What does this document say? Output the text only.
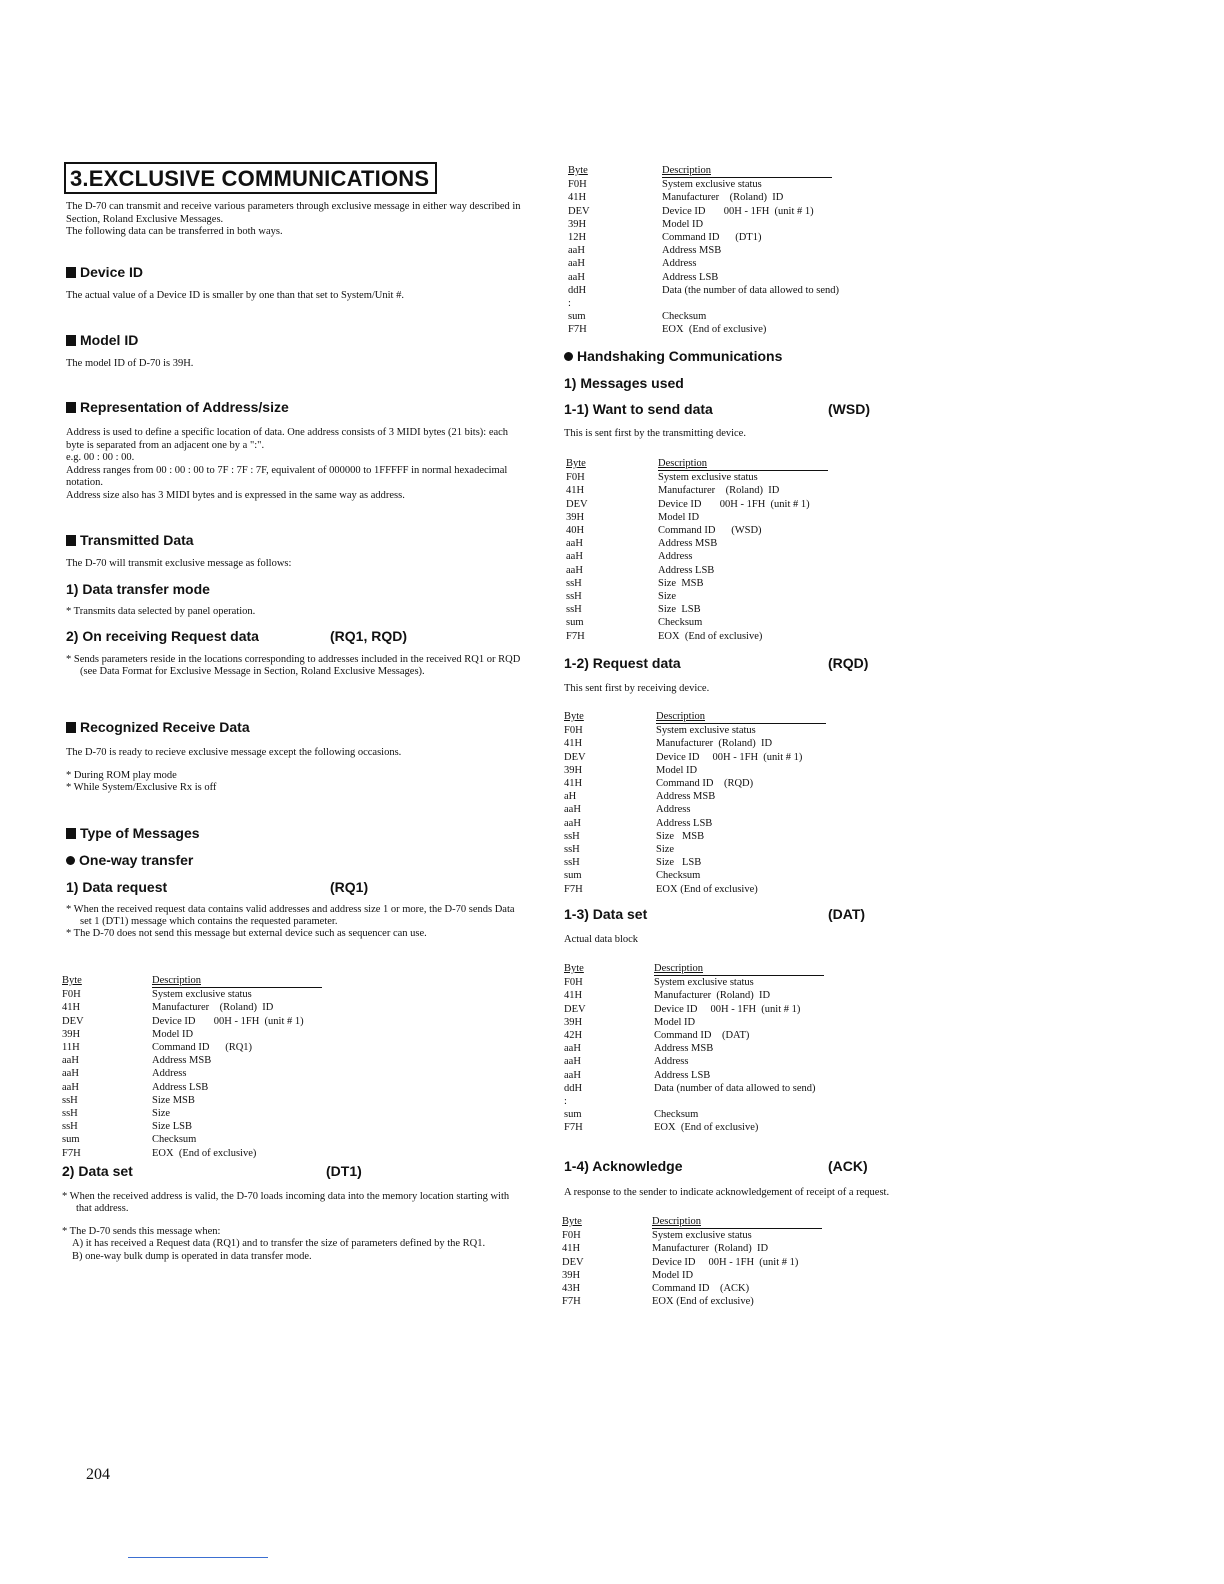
3.EXCLUSIVE COMMUNICATIONS

The D-70 can transmit and receive various parameters through exclusive message in either way described in Section, Roland Exclusive Messages.

The following data can be transferred in both ways.

Device ID

The actual value of a Device ID is smaller by one than that set to System/Unit #.

Model ID

The model ID of D-70 is 39H.

Representation of Address/size

Address is used to define a specific location of data. One address consists of 3 MIDI bytes (21 bits): each byte is separated from an adjacent one by a ":".

e.g. 00 : 00 : 00.

Address ranges from 00 : 00 : 00 to 7F : 7F : 7F, equivalent of 000000 to 1FFFFF in normal hexadecimal notation.

Address size also has 3 MIDI bytes and is expressed in the same way as address.

Transmitted Data

The D-70 will transmit exclusive message as follows:

1) Data transfer mode

* Transmits data selected by panel operation.

2) On receiving Request data	(RQ1, RQD)

* Sends parameters reside in the locations corresponding to addresses included in the received RQ1 or RQD (see Data Format for Exclusive Message in Section, Roland Exclusive Messages).

Recognized Receive Data

The D-70 is ready to recieve exclusive message except the following occasions.

* During ROM play mode

* While System/Exclusive Rx is off

Type of Messages

One-way transfer

1) Data request	(RQ1)

* When the received request data contains valid addresses and address size 1 or more, the D-70 sends Data set 1 (DT1) message which contains the requested parameter.

* The D-70 does not send this message but external device such as sequencer can use.

Byte	Description
F0H	System exclusive status
41H	Manufacturer    (Roland)  ID
DEV	Device ID       00H - 1FH  (unit # 1)
39H	Model ID
11H	Command ID      (RQ1)
aaH	Address MSB
aaH	Address
aaH	Address LSB
ssH	Size MSB
ssH	Size
ssH	Size LSB
sum	Checksum
F7H	EOX  (End of exclusive)

2) Data set	(DT1)

* When the received address is valid, the D-70 loads incoming data into the memory location starting with that address.

* The D-70 sends this message when:

A) it has received a Request data (RQ1) and to transfer the size of parameters defined by the RQ1.

B) one-way bulk dump is operated in data transfer mode.

Byte	Description
F0H	System exclusive status
41H	Manufacturer    (Roland)  ID
DEV	Device ID       00H - 1FH  (unit # 1)
39H	Model ID
12H	Command ID      (DT1)
aaH	Address MSB
aaH	Address
aaH	Address LSB
ddH	Data (the number of data allowed to send)
:
sum	Checksum
F7H	EOX  (End of exclusive)

Handshaking Communications

1) Messages used

1-1) Want to send data	(WSD)

This is sent first by the transmitting device.

Byte	Description
F0H	System exclusive status
41H	Manufacturer    (Roland)  ID
DEV	Device ID       00H - 1FH  (unit # 1)
39H	Model ID
40H	Command ID      (WSD)
aaH	Address MSB
aaH	Address
aaH	Address LSB
ssH	Size  MSB
ssH	Size
ssH	Size  LSB
sum	Checksum
F7H	EOX  (End of exclusive)

1-2) Request data	(RQD)

This sent first by receiving device.

Byte	Description
F0H	System exclusive status
41H	Manufacturer  (Roland)  ID
DEV	Device ID     00H - 1FH  (unit # 1)
39H	Model ID
41H	Command ID    (RQD)
aH	Address MSB
aaH	Address
aaH	Address LSB
ssH	Size   MSB
ssH	Size
ssH	Size   LSB
sum	Checksum
F7H	EOX (End of exclusive)

1-3) Data set	(DAT)

Actual data block

Byte	Description
F0H	System exclusive status
41H	Manufacturer  (Roland)  ID
DEV	Device ID     00H - 1FH  (unit # 1)
39H	Model ID
42H	Command ID    (DAT)
aaH	Address MSB
aaH	Address
aaH	Address LSB
ddH	Data (number of data allowed to send)
:
sum	Checksum
F7H	EOX  (End of exclusive)

1-4) Acknowledge	(ACK)

A response to the sender to indicate acknowledgement of receipt of a request.

Byte	Description
F0H	System exclusive status
41H	Manufacturer  (Roland)  ID
DEV	Device ID     00H - 1FH  (unit # 1)
39H	Model ID
43H	Command ID    (ACK)
F7H	EOX (End of exclusive)
204
